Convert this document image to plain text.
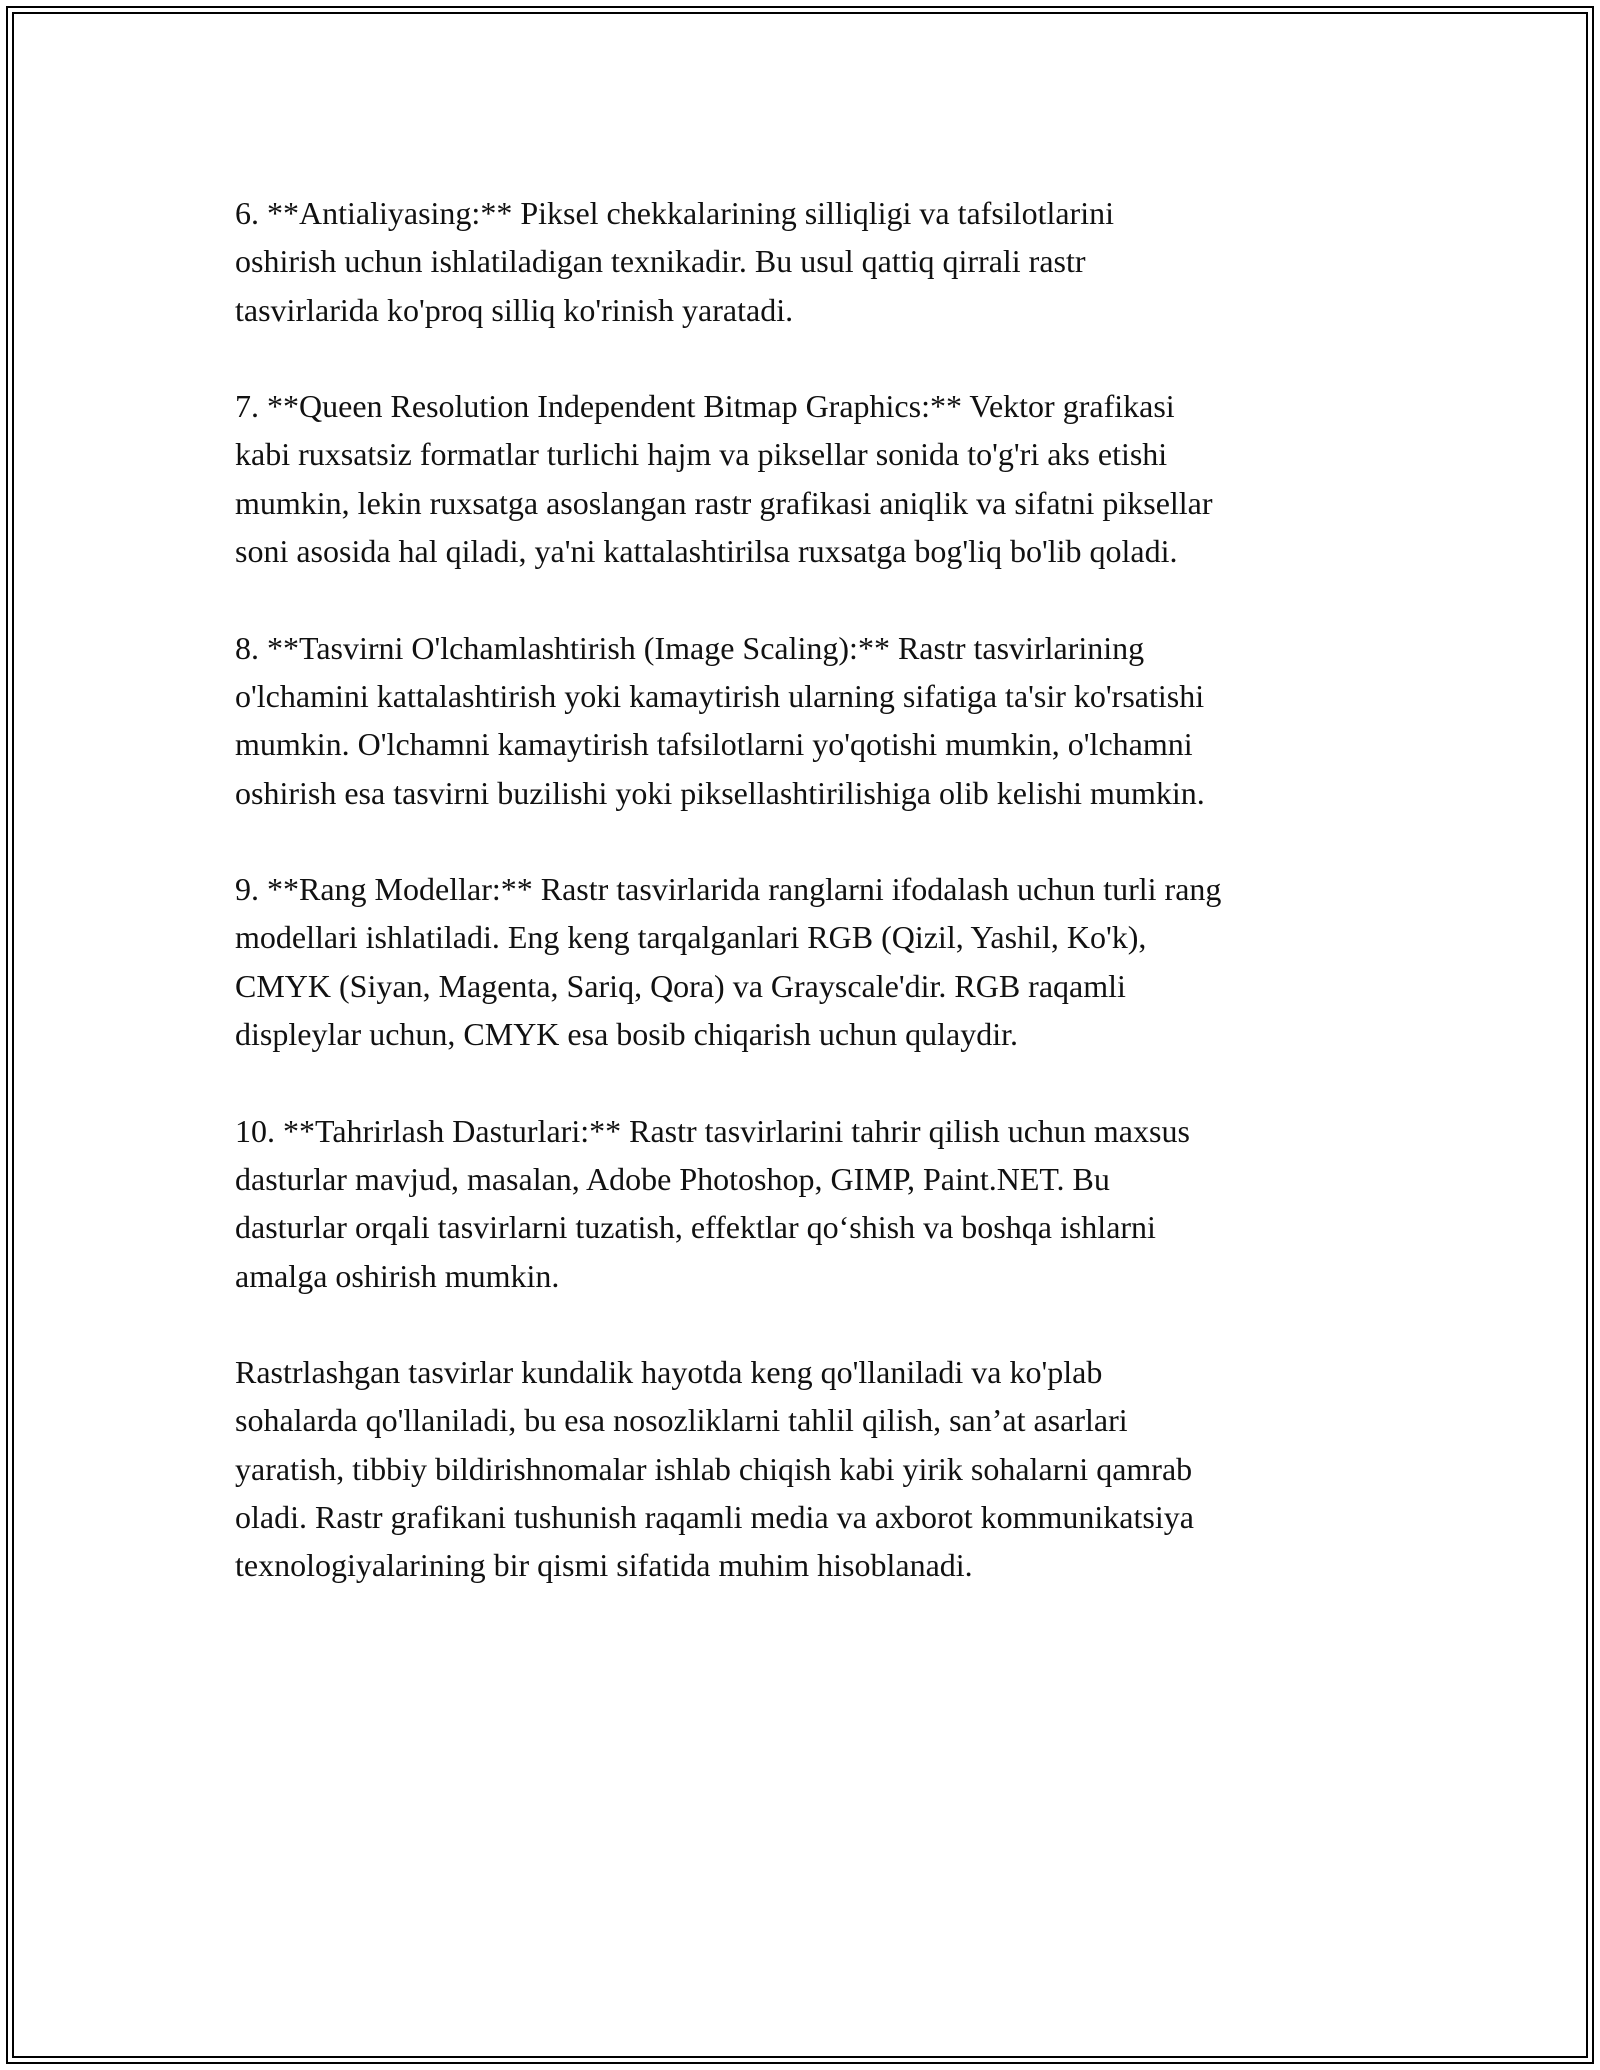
6. **Antialiyasing:** Piksel chekkalarining silliqligi va tafsilotlarini
oshirish uchun ishlatiladigan texnikadir. Bu usul qattiq qirrali rastr
tasvirlarida ko'proq silliq ko'rinish yaratadi.

7. **Queen Resolution Independent Bitmap Graphics:** Vektor grafikasi
kabi ruxsatsiz formatlar turlichi hajm va piksellar sonida to'g'ri aks etishi
mumkin, lekin ruxsatga asoslangan rastr grafikasi aniqlik va sifatni piksellar
soni asosida hal qiladi, ya'ni kattalashtirilsa ruxsatga bog'liq bo'lib qoladi.

8. **Tasvirni O'lchamlashtirish (Image Scaling):** Rastr tasvirlarining
o'lchamini kattalashtirish yoki kamaytirish ularning sifatiga ta'sir ko'rsatishi
mumkin. O'lchamni kamaytirish tafsilotlarni yo'qotishi mumkin, o'lchamni
oshirish esa tasvirni buzilishi yoki piksellashtirilishiga olib kelishi mumkin.

9. **Rang Modellar:** Rastr tasvirlarida ranglarni ifodalash uchun turli rang
modellari ishlatiladi. Eng keng tarqalganlari RGB (Qizil, Yashil, Ko'k),
CMYK (Siyan, Magenta, Sariq, Qora) va Grayscale'dir. RGB raqamli
displeylar uchun, CMYK esa bosib chiqarish uchun qulaydir.

10. **Tahrirlash Dasturlari:** Rastr tasvirlarini tahrir qilish uchun maxsus
dasturlar mavjud, masalan, Adobe Photoshop, GIMP, Paint.NET. Bu
dasturlar orqali tasvirlarni tuzatish, effektlar qo‘shish va boshqa ishlarni
amalga oshirish mumkin.

Rastrlashgan tasvirlar kundalik hayotda keng qo'llaniladi va ko'plab
sohalarda qo'llaniladi, bu esa nosozliklarni tahlil qilish, san’at asarlari
yaratish, tibbiy bildirishnomalar ishlab chiqish kabi yirik sohalarni qamrab
oladi. Rastr grafikani tushunish raqamli media va axborot kommunikatsiya
texnologiyalarining bir qismi sifatida muhim hisoblanadi.
